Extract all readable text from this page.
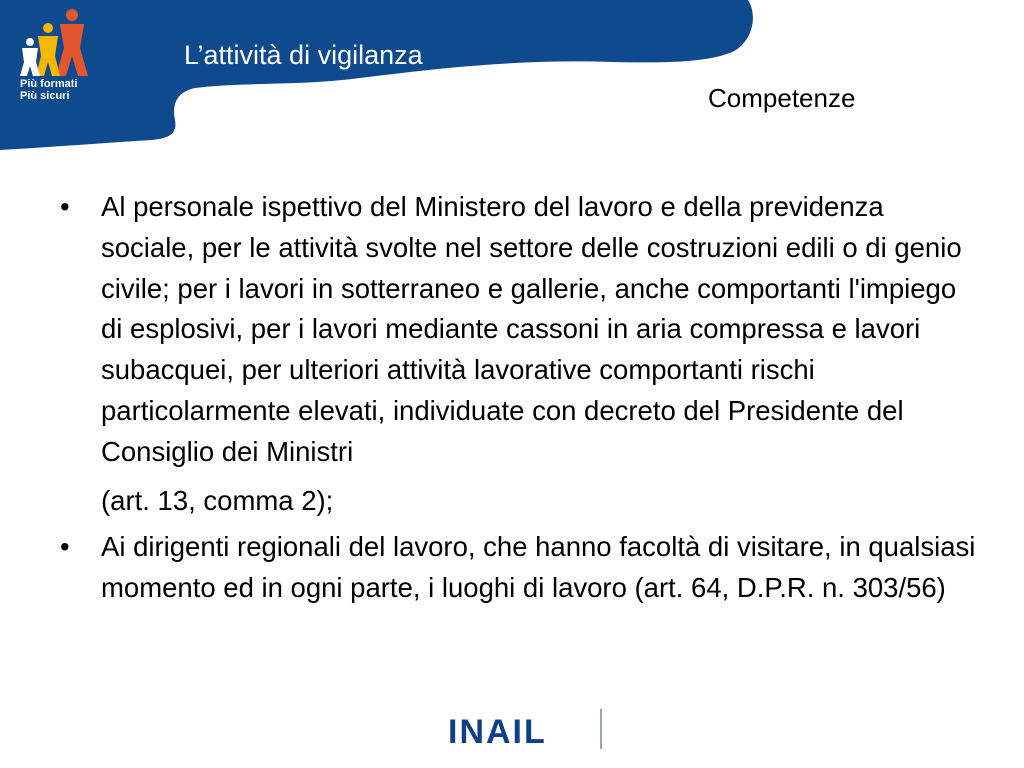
Più formati
Più sicuri
L’attività di vigilanza
Competenze
• Al personale ispettivo del Ministero del lavoro e della previdenza sociale, per le attività svolte nel settore delle costruzioni edili o di genio civile; per i lavori in sotterraneo e gallerie, anche comportanti l'impiego di esplosivi, per i lavori mediante cassoni in aria compressa e lavori subacquei, per ulteriori attività lavorative comportanti rischi particolarmente elevati, individuate con decreto del Presidente del Consiglio dei Ministri
(art. 13, comma 2);
• Ai dirigenti regionali del lavoro, che hanno facoltà di visitare, in qualsiasi momento ed in ogni parte, i luoghi di lavoro (art. 64, D.P.R. n. 303/56)
INAIL
